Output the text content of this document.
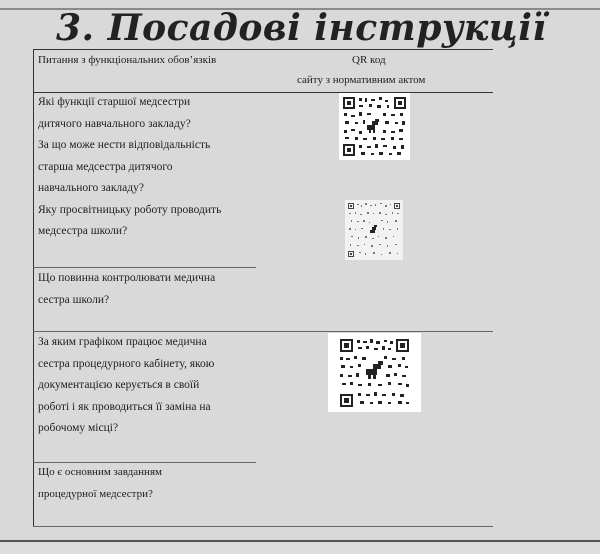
3. Посадові інструкції
Питання з функціональних обов’язків	QR код
сайту з нормативним актом
Які функції старшої медсестри
дитячого навчального закладу?
За що може нести відповідальність
старша медсестра дитячого
навчального закладу?
Яку просвітницьку роботу проводить
медсестра школи?
Що повинна контролювати медична
сестра школи?
За яким графіком працює медична
сестра процедурного кабінету, якою
документацією керується в своїй
роботі і як проводиться її заміна на
робочому місці?
Що є основним завданням
процедурної медсестри?
